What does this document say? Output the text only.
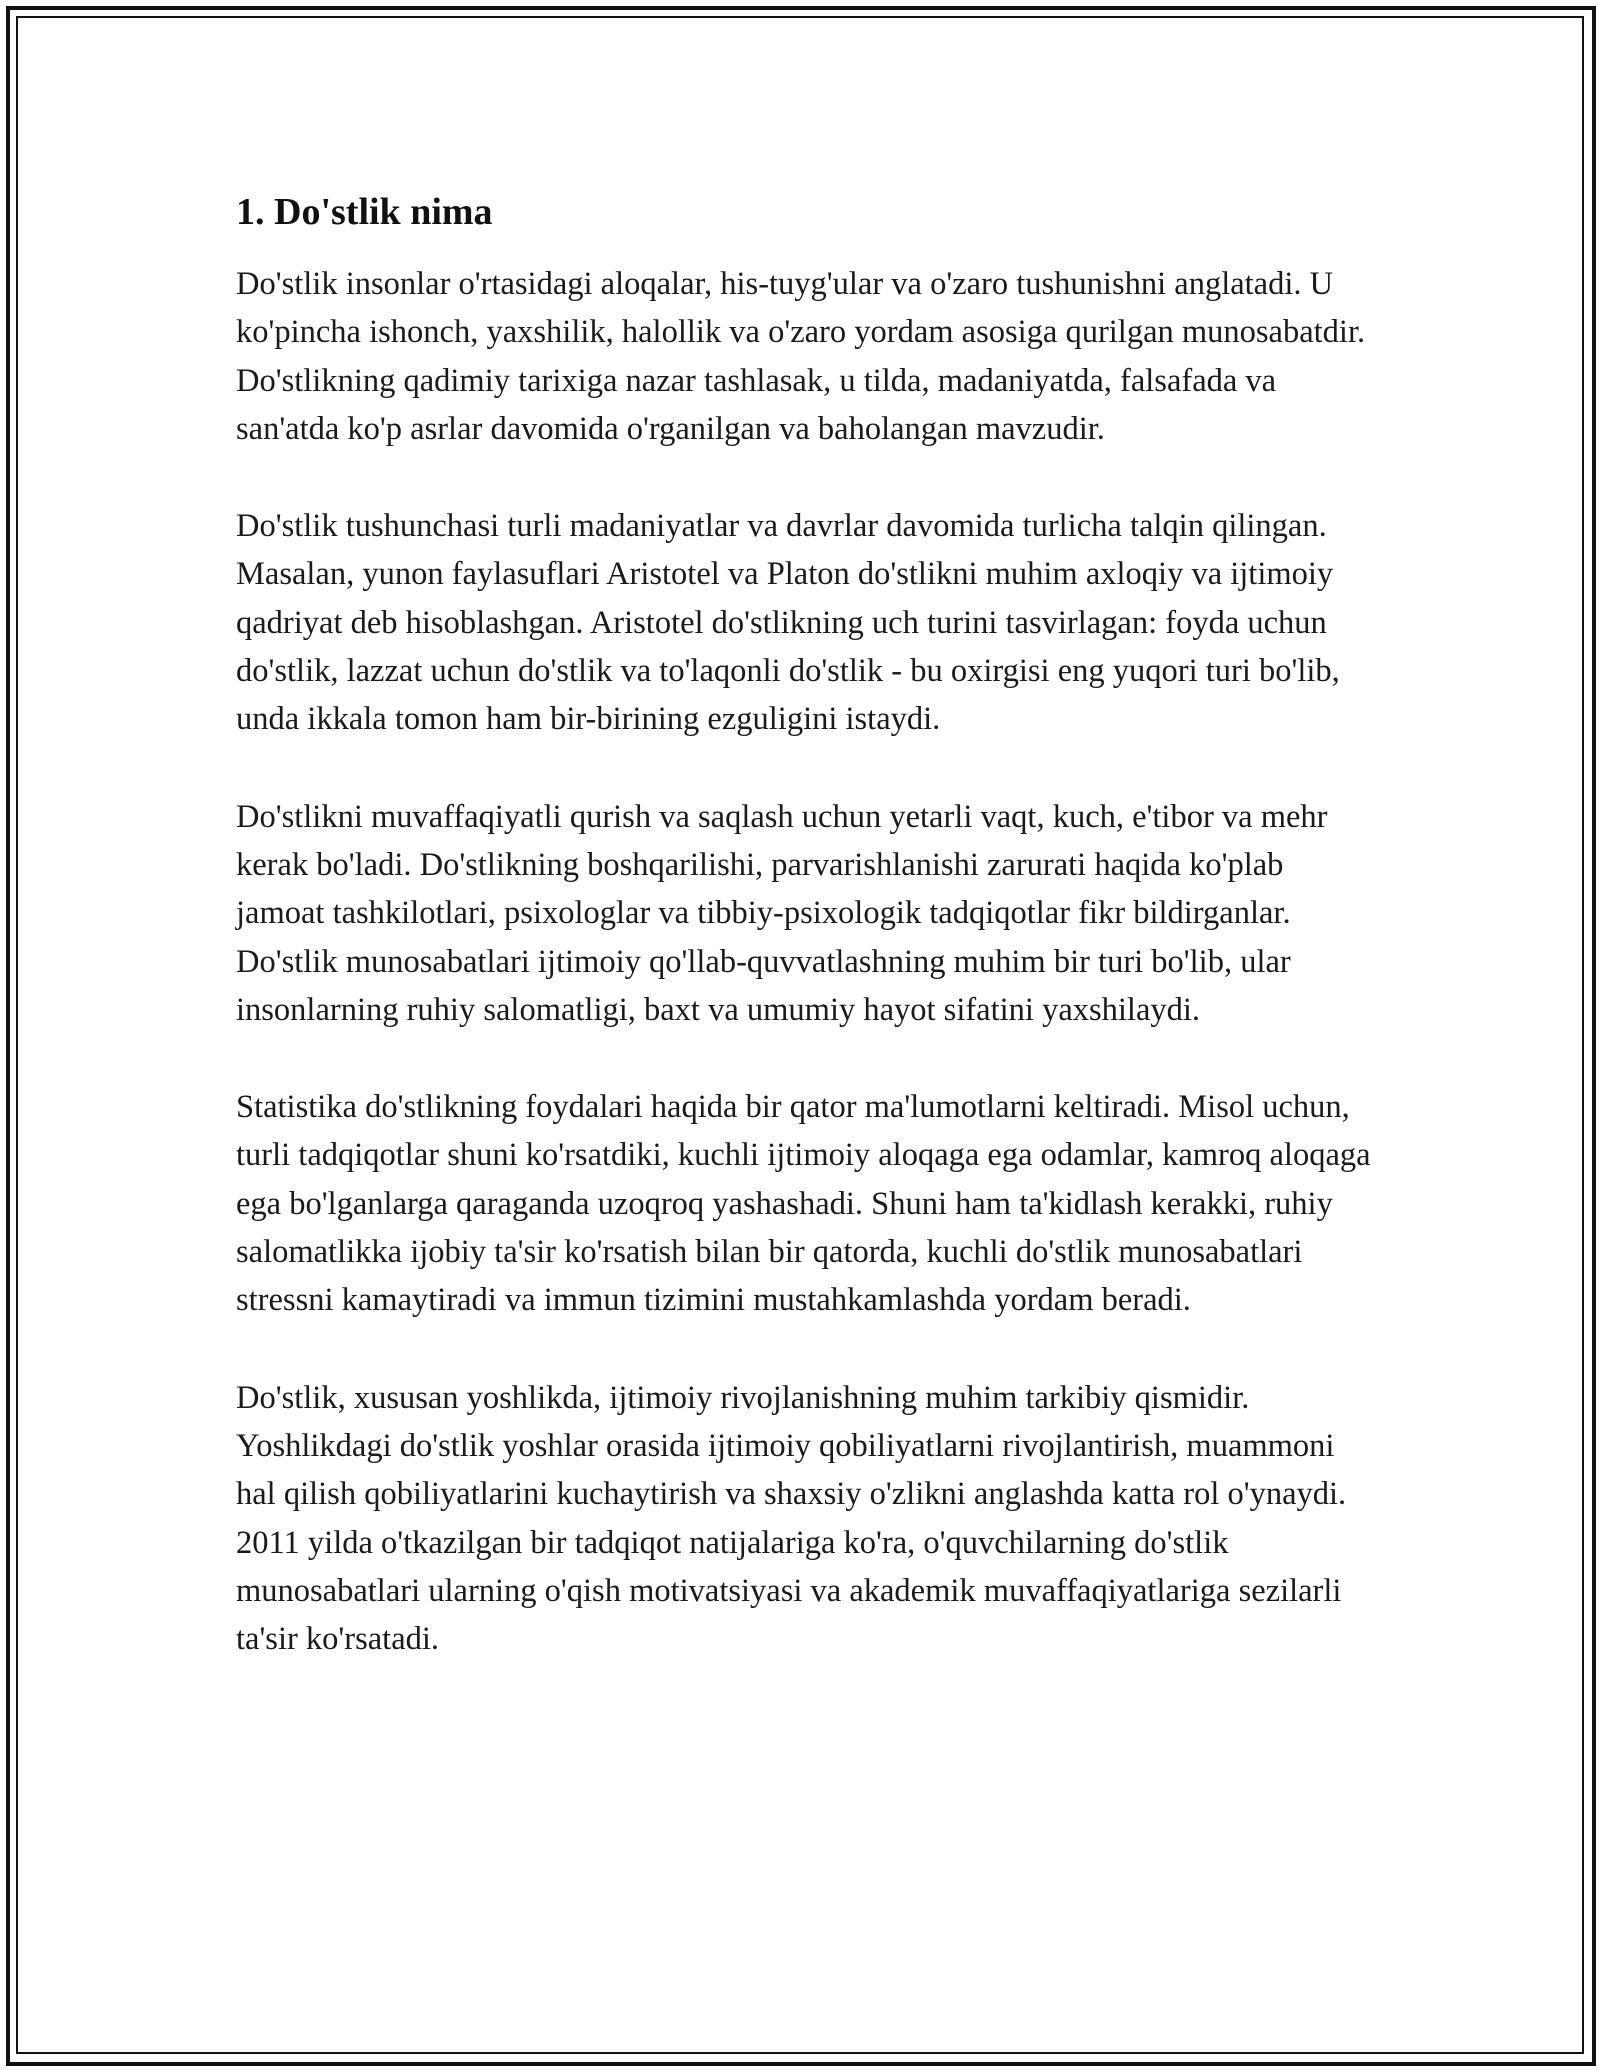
1. Do'stlik nima

Do'stlik insonlar o'rtasidagi aloqalar, his-tuyg'ular va o'zaro tushunishni anglatadi. U ko'pincha ishonch, yaxshilik, halollik va o'zaro yordam asosiga qurilgan munosabatdir. Do'stlikning qadimiy tarixiga nazar tashlasak, u tilda, madaniyatda, falsafada va san'atda ko'p asrlar davomida o'rganilgan va baholangan mavzudir.

Do'stlik tushunchasi turli madaniyatlar va davrlar davomida turlicha talqin qilingan. Masalan, yunon faylasuflari Aristotel va Platon do'stlikni muhim axloqiy va ijtimoiy qadriyat deb hisoblashgan. Aristotel do'stlikning uch turini tasvirlagan: foyda uchun do'stlik, lazzat uchun do'stlik va to'laqonli do'stlik - bu oxirgisi eng yuqori turi bo'lib, unda ikkala tomon ham bir-birining ezguligini istaydi.

Do'stlikni muvaffaqiyatli qurish va saqlash uchun yetarli vaqt, kuch, e'tibor va mehr kerak bo'ladi. Do'stlikning boshqarilishi, parvarishlanishi zarurati haqida ko'plab jamoat tashkilotlari, psixologlar va tibbiy-psixologik tadqiqotlar fikr bildirganlar. Do'stlik munosabatlari ijtimoiy qo'llab-quvvatlashning muhim bir turi bo'lib, ular insonlarning ruhiy salomatligi, baxt va umumiy hayot sifatini yaxshilaydi.

Statistika do'stlikning foydalari haqida bir qator ma'lumotlarni keltiradi. Misol uchun, turli tadqiqotlar shuni ko'rsatdiki, kuchli ijtimoiy aloqaga ega odamlar, kamroq aloqaga ega bo'lganlarga qaraganda uzoqroq yashashadi. Shuni ham ta'kidlash kerakki, ruhiy salomatlikka ijobiy ta'sir ko'rsatish bilan bir qatorda, kuchli do'stlik munosabatlari stressni kamaytiradi va immun tizimini mustahkamlashda yordam beradi.

Do'stlik, xususan yoshlikda, ijtimoiy rivojlanishning muhim tarkibiy qismidir. Yoshlikdagi do'stlik yoshlar orasida ijtimoiy qobiliyatlarni rivojlantirish, muammoni hal qilish qobiliyatlarini kuchaytirish va shaxsiy o'zlikni anglashda katta rol o'ynaydi. 2011 yilda o'tkazilgan bir tadqiqot natijalariga ko'ra, o'quvchilarning do'stlik munosabatlari ularning o'qish motivatsiyasi va akademik muvaffaqiyatlariga sezilarli ta'sir ko'rsatadi.
